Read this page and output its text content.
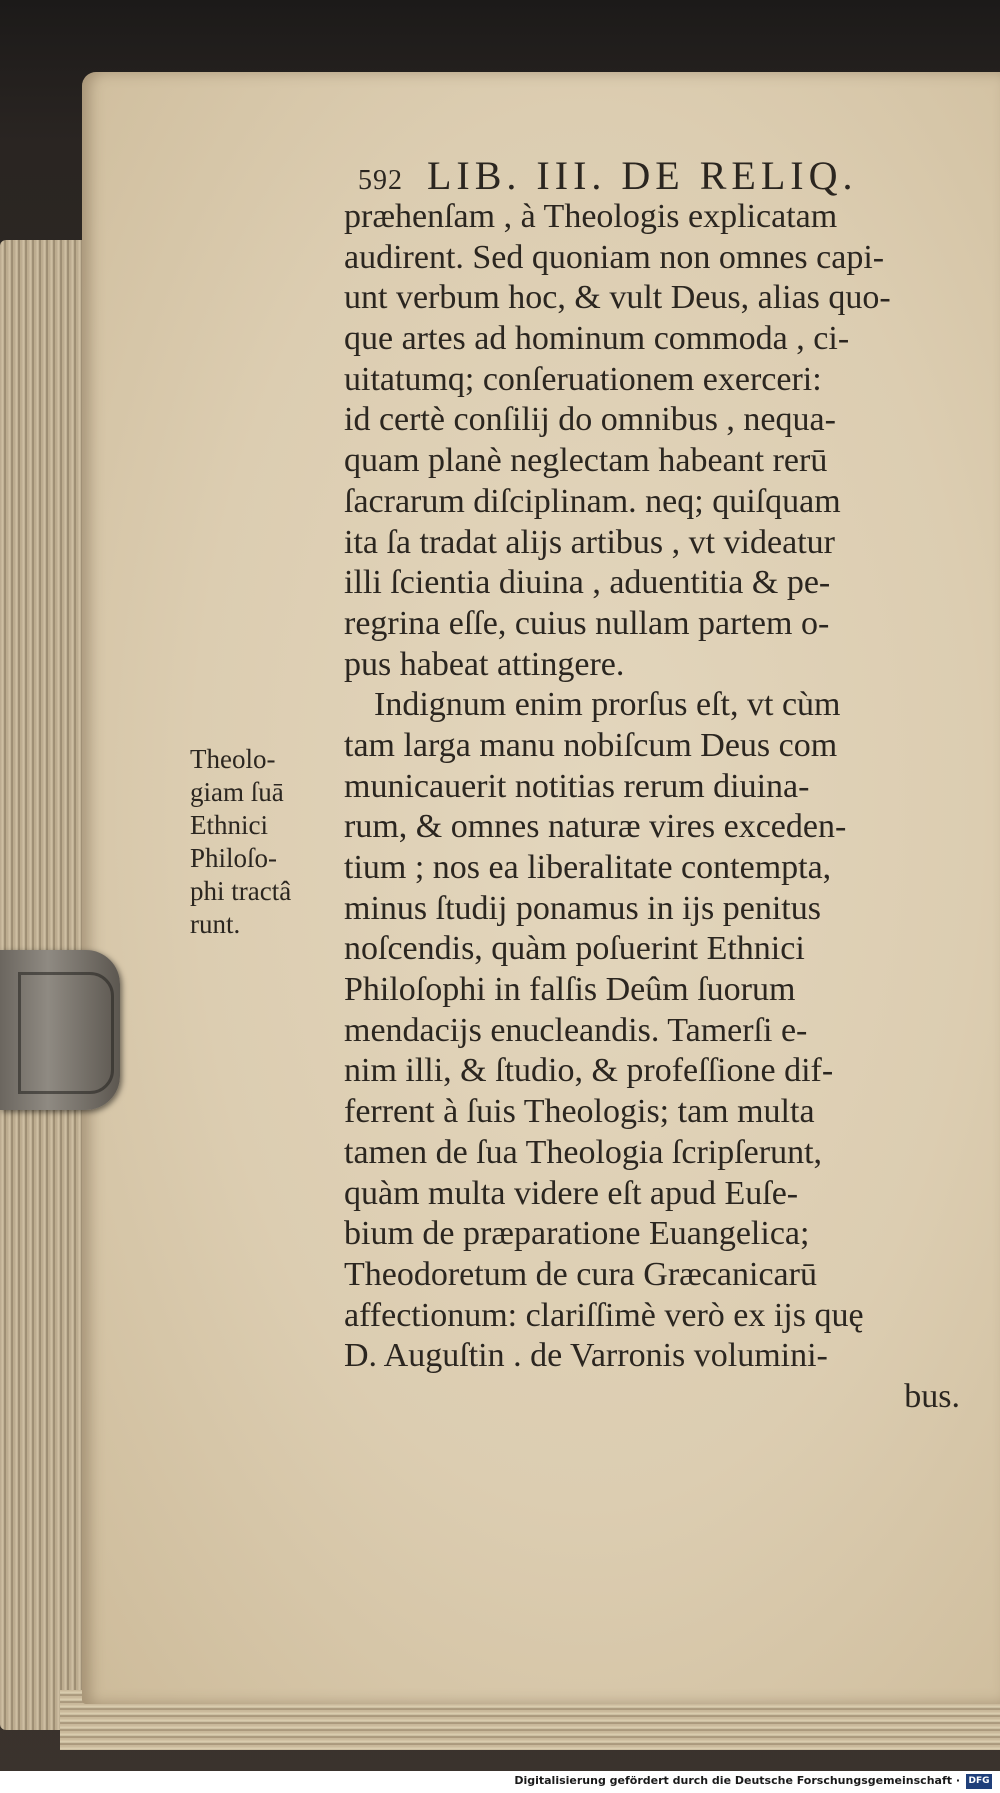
592 LIB. III. DE RELIQ.
præhenſam , à Theologis explicatam
audirent. Sed quoniam non omnes capi-
unt verbum hoc, & vult Deus, alias quo-
que artes ad hominum commoda , ci-
uitatumq; conſeruationem exerceri:
id certè conſilij do omnibus , nequa-
quam planè neglectam habeant rerū
ſacrarum diſciplinam. neq; quiſquam
ita ſa tradat alijs artibus , vt videatur
illi ſcientia diuina , aduentitia & pe-
regrina eſſe, cuius nullam partem o-
pus habeat attingere.
Indignum enim prorſus eſt, vt cùm
tam larga manu nobiſcum Deus com
municauerit notitias rerum diuina-
rum, & omnes naturæ vires exceden-
tium ; nos ea liberalitate contempta,
minus ſtudij ponamus in ijs penitus
noſcendis, quàm poſuerint Ethnici
Philoſophi in falſis Deûm ſuorum
mendacijs enucleandis. Tamerſi e-
nim illi, & ſtudio, & profeſſione dif-
ferrent à ſuis Theologis; tam multa
tamen de ſua Theologia ſcripſerunt,
quàm multa videre eſt apud Euſe-
bium de præparatione Euangelica;
Theodoretum de cura Græcanicarū
affectionum: clariſſimè verò ex ijs quę
D. Auguſtin . de Varronis volumini-
bus.
Theolo-
giam ſuā
Ethnici
Philoſo-
phi tractâ
runt.
Digitalisierung gefördert durch die Deutsche Forschungsgemeinschaft · DFG
